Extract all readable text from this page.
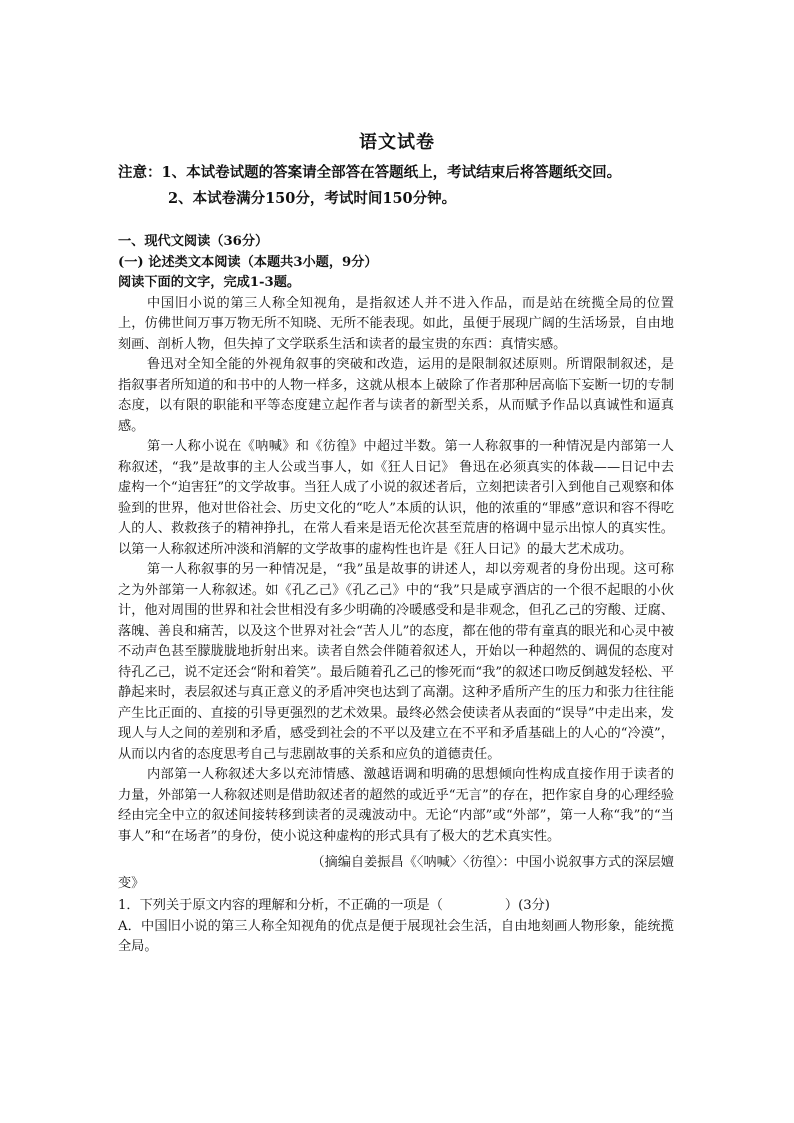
语文试卷
注意：1、本试卷试题的答案请全部答在答题纸上，考试结束后将答题纸交回。
2、本试卷满分150分，考试时间150分钟。
一、现代文阅读（36分）
(一) 论述类文本阅读（本题共3小题，9分）
阅读下面的文字，完成1-3题。

中国旧小说的第三人称全知视角，是指叙述人并不进入作品，而是站在统揽全局的位置上，仿佛世间万事万物无所不知晓、无所不能表现。如此，虽便于展现广阔的生活场景，自由地刻画、剖析人物，但失掉了文学联系生活和读者的最宝贵的东西：真情实感。

鲁迅对全知全能的外视角叙事的突破和改造，运用的是限制叙述原则。所谓限制叙述，是指叙事者所知道的和书中的人物一样多，这就从根本上破除了作者那种居高临下妄断一切的专制态度，以有限的职能和平等态度建立起作者与读者的新型关系，从而赋予作品以真诚性和逼真感。

第一人称小说在《呐喊》和《彷徨》中超过半数。第一人称叙事的一种情况是内部第一人称叙述，“我”是故事的主人公或当事人，如《狂人日记》 鲁迅在必须真实的体裁——日记中去虚构一个“迫害狂”的文学故事。当狂人成了小说的叙述者后，立刻把读者引入到他自己观察和体验到的世界，他对世俗社会、历史文化的“吃人”本质的认识，他的浓重的“罪感”意识和容不得吃人的人、救救孩子的精神挣扎，在常人看来是语无伦次甚至荒唐的格调中显示出惊人的真实性。以第一人称叙述所冲淡和消解的文学故事的虚构性也许是《狂人日记》的最大艺术成功。

第一人称叙事的另一种情况是，“我”虽是故事的讲述人，却以旁观者的身份出现。这可称之为外部第一人称叙述。如《孔乙己》《孔乙己》中的“我”只是咸亨酒店的一个很不起眼的小伙计，他对周围的世界和社会世相没有多少明确的冷暖感受和是非观念，但孔乙己的穷酸、迂腐、落魄、善良和痛苦，以及这个世界对社会“苦人儿”的态度，都在他的带有童真的眼光和心灵中被不动声色甚至朦胧胧地折射出来。读者自然会伴随着叙述人，开始以一种超然的、调侃的态度对待孔乙己，说不定还会“附和着笑”。最后随着孔乙己的惨死而“我”的叙述口吻反倒越发轻松、平静起来时，表层叙述与真正意义的矛盾冲突也达到了高潮。这种矛盾所产生的压力和张力往往能产生比正面的、直接的引导更强烈的艺术效果。最终必然会使读者从表面的“误导”中走出来，发现人与人之间的差别和矛盾，感受到社会的不平以及建立在不平和矛盾基础上的人心的“冷漠”，从而以内省的态度思考自己与悲剧故事的关系和应负的道德责任。

内部第一人称叙述大多以充沛情感、激越语调和明确的思想倾向性构成直接作用于读者的力量，外部第一人称叙述则是借助叙述者的超然的或近乎“无言”的存在，把作家自身的心理经验经由完全中立的叙述间接转移到读者的灵魂波动中。无论“内部”或“外部”，第一人称“我”的“当事人”和“在场者”的身份，使小说这种虚构的形式具有了极大的艺术真实性。

（摘编自姜振昌《〈呐喊〉〈彷徨〉：中国小说叙事方式的深层嬗

变》

1．下列关于原文内容的理解和分析，不正确的一项是（	）(3分)

A．中国旧小说的第三人称全知视角的优点是便于展现社会生活，自由地刻画人物形象，能统揽全局。
